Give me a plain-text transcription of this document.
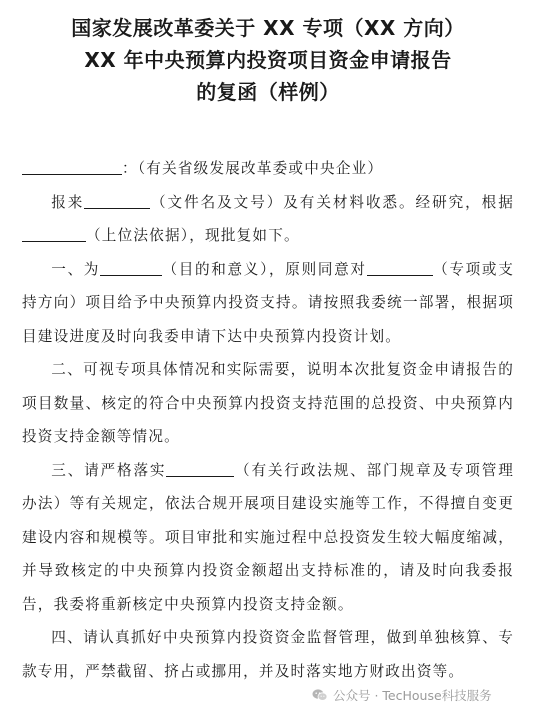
国家发展改革委关于 XX 专项（XX 方向）
XX 年中央预算内投资项目资金申请报告
的复函（样例）

：（有关省级发展改革委或中央企业）

报来	（文件名及文号）及有关材料收悉。经研究，根据（上位法依据），现批复如下。

一、为	（目的和意义），原则同意对	（专项或支持方向）项目给予中央预算内投资支持。请按照我委统一部署，根据项目建设进度及时向我委申请下达中央预算内投资计划。

二、可视专项具体情况和实际需要，说明本次批复资金申请报告的项目数量、核定的符合中央预算内投资支持范围的总投资、中央预算内投资支持金额等情况。

三、请严格落实	（有关行政法规、部门规章及专项管理办法）等有关规定，依法合规开展项目建设实施等工作，不得擅自变更建设内容和规模等。项目审批和实施过程中总投资发生较大幅度缩减，并导致核定的中央预算内投资金额超出支持标准的，请及时向我委报告，我委将重新核定中央预算内投资支持金额。

四、请认真抓好中央预算内投资资金监督管理，做到单独核算、专款专用，严禁截留、挤占或挪用，并及时落实地方财政出资等。

公众号 · TecHouse科技服务
